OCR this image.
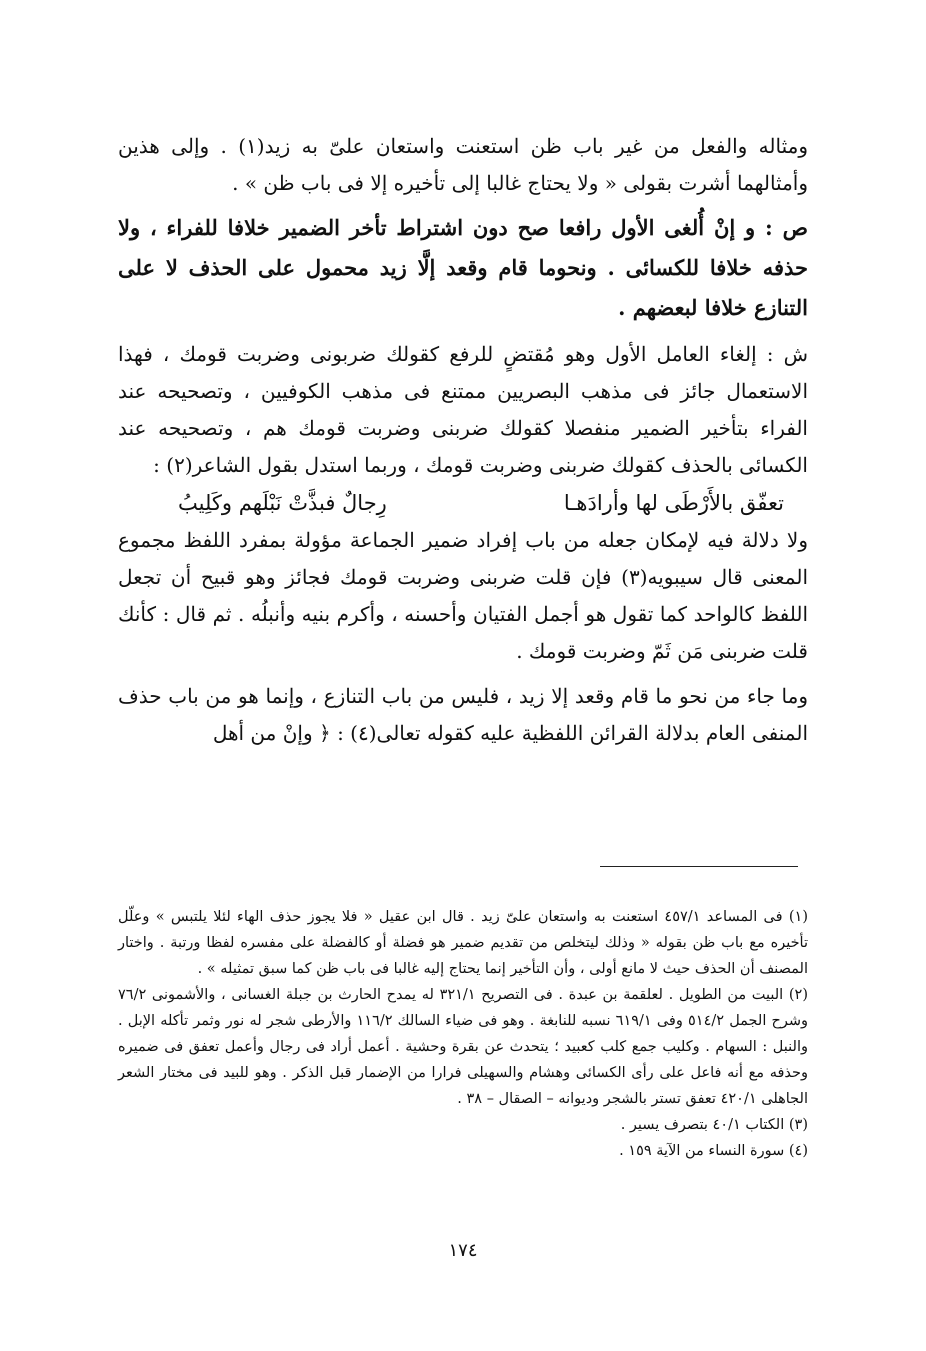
ومثاله والفعل من غير باب ظن استعنت واستعان علىّ به زيد(١) . وإلى هذين وأمثالهما أشرت بقولى « ولا يحتاج غالبا إلى تأخيره إلا فى باب ظن » .

ص : و إنْ أُلغى الأول رافعا صح دون اشتراط تأخر الضمير خلافا للفراء ، ولا حذفه خلافا للكسائى . ونحوما قام وقعد إلَّا زيد محمول على الحذف لا على التنازع خلافا لبعضهم .

ش : إلغاء العامل الأول وهو مُقتضٍ للرفع كقولك ضربونى وضربت قومك ، فهذا الاستعمال جائز فى مذهب البصريين ممتنع فى مذهب الكوفيين ، وتصحيحه عند الفراء بتأخير الضمير منفصلا كقولك ضربنى وضربت قومك هم ، وتصحيحه عند الكسائى بالحذف كقولك ضربنى وضربت قومك ، وربما استدل بقول الشاعر(٢) :

تعفّق بالأَرْطَى لها وأرادَهـا
رِجالٌ فبذَّتْ نَبْلَهم وكَلِيبُ

ولا دلالة فيه لإمكان جعله من باب إفراد ضمير الجماعة مؤولة بمفرد اللفظ مجموع المعنى قال سيبويه(٣) فإن قلت ضربنى وضربت قومك فجائز وهو قبيح أن تجعل اللفظ كالواحد كما تقول هو أجمل الفتيان وأحسنه ، وأكرم بنيه وأنبلُه . ثم قال : كأنك قلت ضربنى مَن ثَمّ وضربت قومك .

وما جاء من نحو ما قام وقعد إلا زيد ، فليس من باب التنازع ، وإنما هو من باب حذف المنفى العام بدلالة القرائن اللفظية عليه كقوله تعالى(٤) : ﴿ وإنْ من أهل

(١) فى المساعد ٤٥٧/١ استعنت به واستعان علىّ زيد . قال ابن عقيل « فلا يجوز حذف الهاء لئلا يلتبس » وعلّل تأخيره مع باب ظن بقوله « وذلك ليتخلص من تقديم ضمير هو فضلة أو كالفضلة على مفسره لفظا ورتبة . واختار المصنف أن الحذف حيث لا مانع أولى ، وأن التأخير إنما يحتاج إليه غالبا فى باب ظن كما سبق تمثيله » .

(٢) البيت من الطويل . لعلقمة بن عبدة . فى التصريح ٣٢١/١ له يمدح الحارث بن جبلة الغسانى ، والأشمونى ٧٦/٢ وشرح الجمل ٥١٤/٢ وفى ٦١٩/١ نسبه للنابغة . وهو فى ضياء السالك ١١٦/٢ والأرطى شجر له نور وثمر تأكله الإبل . والنبل : السهام . وكليب جمع كلب كعبيد ؛ يتحدث عن بقرة وحشية . أعمل أراد فى رجال وأعمل تعفق فى ضميره وحذفه مع أنه فاعل على رأى الكسائى وهشام والسهيلى فرارا من الإضمار قبل الذكر . وهو للبيد فى مختار الشعر الجاهلى ٤٢٠/١ تعفق تستر بالشجر وديوانه – الصقال – ٣٨ .

(٣) الكتاب ٤٠/١ بتصرف يسير .

(٤) سورة النساء من الآية ١٥٩ .

١٧٤
